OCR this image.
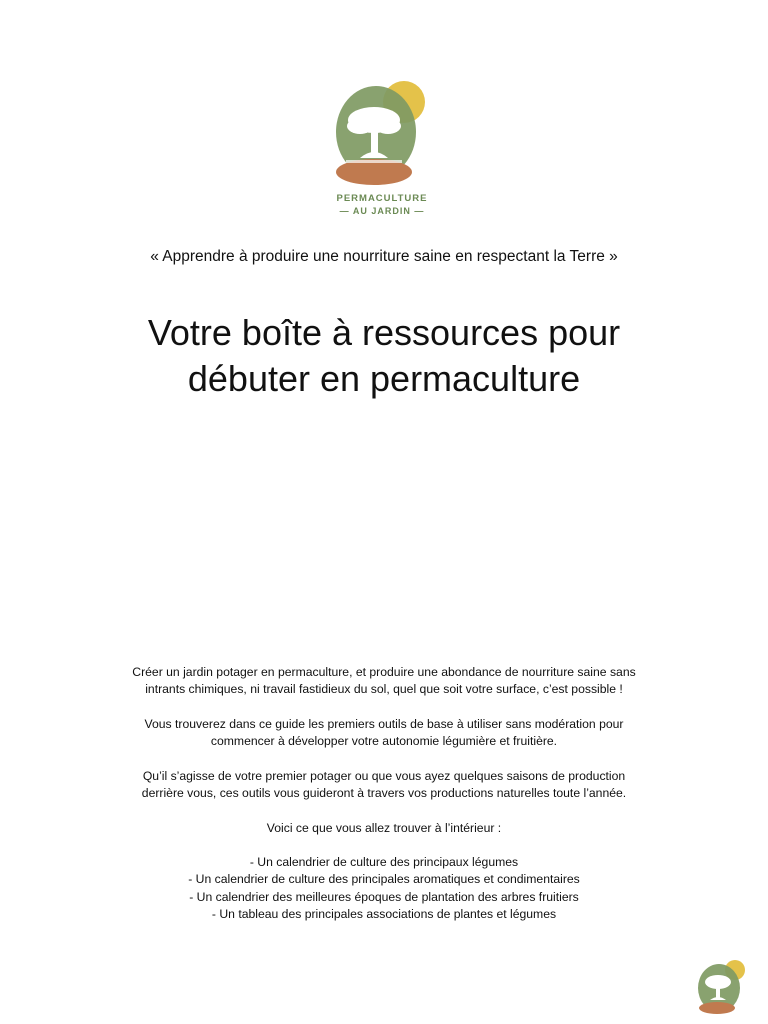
PERMACULTURE
— AU JARDIN —
« Apprendre à produire une nourriture saine en respectant la Terre »
Votre boîte à ressources pour
débuter en permaculture

Créer un jardin potager en permaculture, et produire une abondance de nourriture saine sans intrants chimiques, ni travail fastidieux du sol, quel que soit votre surface, c’est possible !

Vous trouverez dans ce guide les premiers outils de base à utiliser sans modération pour commencer à développer votre autonomie légumière et fruitière.

Qu’il s’agisse de votre premier potager ou que vous ayez quelques saisons de production derrière vous, ces outils vous guideront à travers vos productions naturelles toute l’année.

Voici ce que vous allez trouver à l’intérieur :

- Un calendrier de culture des principaux légumes
- Un calendrier de culture des principales aromatiques et condimentaires
- Un calendrier des meilleures époques de plantation des arbres fruitiers
- Un tableau des principales associations de plantes et légumes
